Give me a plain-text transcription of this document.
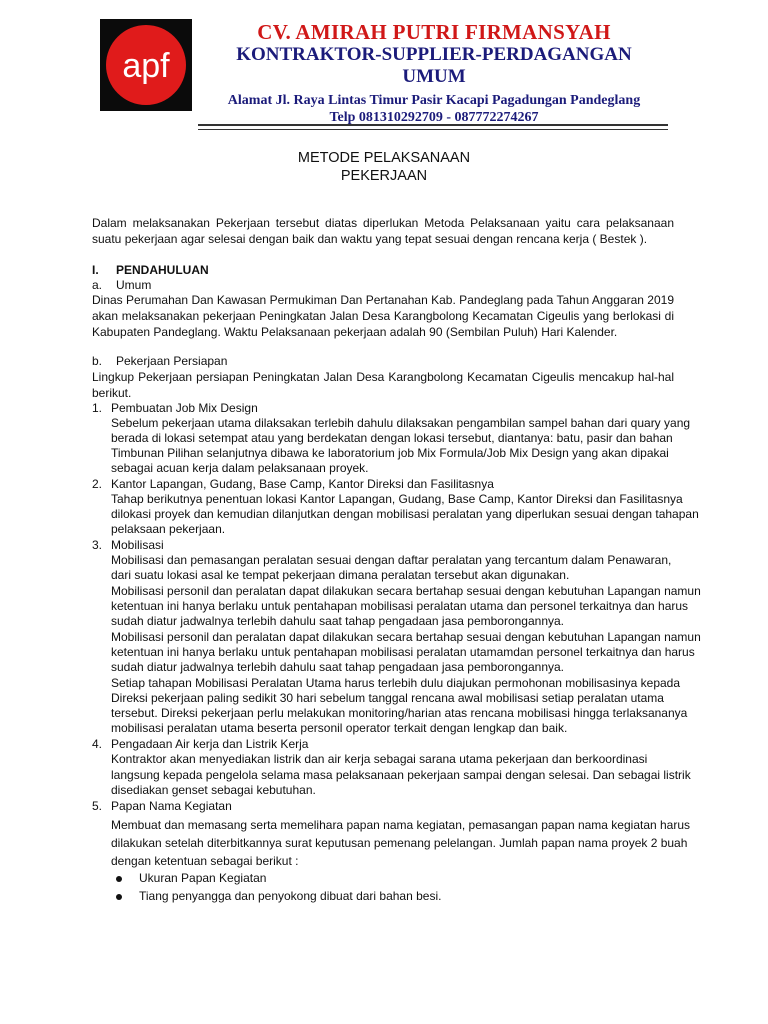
apf
CV. AMIRAH PUTRI FIRMANSYAH
KONTRAKTOR-SUPPLIER-PERDAGANGAN
UMUM
Alamat Jl. Raya Lintas Timur Pasir Kacapi Pagadungan Pandeglang
Telp 081310292709 - 087772274267
METODE PELAKSANAAN
PEKERJAAN
Dalam melaksanakan Pekerjaan tersebut diatas diperlukan Metoda Pelaksanaan yaitu cara pelaksanaan suatu pekerjaan agar selesai dengan baik dan waktu yang tepat sesuai dengan rencana kerja ( Bestek ).
I. PENDAHULUAN
a. Umum
Dinas Perumahan Dan Kawasan Permukiman Dan Pertanahan Kab. Pandeglang pada Tahun Anggaran 2019 akan melaksanakan pekerjaan Peningkatan Jalan Desa Karangbolong Kecamatan Cigeulis yang berlokasi di Kabupaten Pandeglang. Waktu Pelaksanaan pekerjaan adalah 90 (Sembilan Puluh) Hari Kalender.
b. Pekerjaan Persiapan
Lingkup Pekerjaan persiapan Peningkatan Jalan Desa Karangbolong Kecamatan Cigeulis mencakup hal-hal berikut.
1. Pembuatan Job Mix Design
Sebelum pekerjaan utama dilaksakan terlebih dahulu dilaksakan pengambilan sampel bahan dari quary yang
berada di lokasi setempat atau yang berdekatan dengan lokasi tersebut, diantanya: batu, pasir dan bahan
Timbunan Pilihan selanjutnya dibawa ke laboratorium job Mix Formula/Job Mix Design yang akan dipakai
sebagai acuan kerja dalam pelaksanaan proyek.
2. Kantor Lapangan, Gudang, Base Camp, Kantor Direksi dan Fasilitasnya
Tahap berikutnya penentuan lokasi Kantor Lapangan, Gudang, Base Camp, Kantor Direksi dan Fasilitasnya
dilokasi proyek dan kemudian dilanjutkan dengan mobilisasi peralatan yang diperlukan sesuai dengan tahapan
pelaksaan pekerjaan.
3. Mobilisasi
Mobilisasi dan pemasangan peralatan sesuai dengan daftar peralatan yang tercantum dalam Penawaran,
dari suatu lokasi asal ke tempat pekerjaan dimana peralatan tersebut akan digunakan.
Mobilisasi personil dan peralatan dapat dilakukan secara bertahap sesuai dengan kebutuhan Lapangan namun
ketentuan ini hanya berlaku untuk pentahapan mobilisasi peralatan utama dan personel terkaitnya dan harus
sudah diatur jadwalnya terlebih dahulu saat tahap pengadaan jasa pemborongannya.
Mobilisasi personil dan peralatan dapat dilakukan secara bertahap sesuai dengan kebutuhan Lapangan namun
ketentuan ini hanya berlaku untuk pentahapan mobilisasi peralatan utamamdan personel terkaitnya dan harus
sudah diatur jadwalnya terlebih dahulu saat tahap pengadaan jasa pemborongannya.
Setiap tahapan Mobilisasi Peralatan Utama harus terlebih dulu diajukan permohonan mobilisasinya kepada
Direksi pekerjaan paling sedikit 30 hari sebelum tanggal rencana awal mobilisasi setiap peralatan utama
tersebut. Direksi pekerjaan perlu melakukan monitoring/harian atas rencana mobilisasi hingga terlaksananya
mobilisasi peralatan utama beserta personil operator terkait dengan lengkap dan baik.
4. Pengadaan Air kerja dan Listrik Kerja
Kontraktor akan menyediakan listrik dan air kerja sebagai sarana utama pekerjaan dan berkoordinasi
langsung kepada pengelola selama masa pelaksanaan pekerjaan sampai dengan selesai. Dan sebagai listrik
disediakan genset sebagai kebutuhan.
5. Papan Nama Kegiatan
Membuat dan memasang serta memelihara papan nama kegiatan, pemasangan papan nama kegiatan harus
dilakukan setelah diterbitkannya surat keputusan pemenang pelelangan. Jumlah papan nama proyek 2 buah
dengan ketentuan sebagai berikut :
Ukuran Papan Kegiatan
Tiang penyangga dan penyokong dibuat dari bahan besi.
